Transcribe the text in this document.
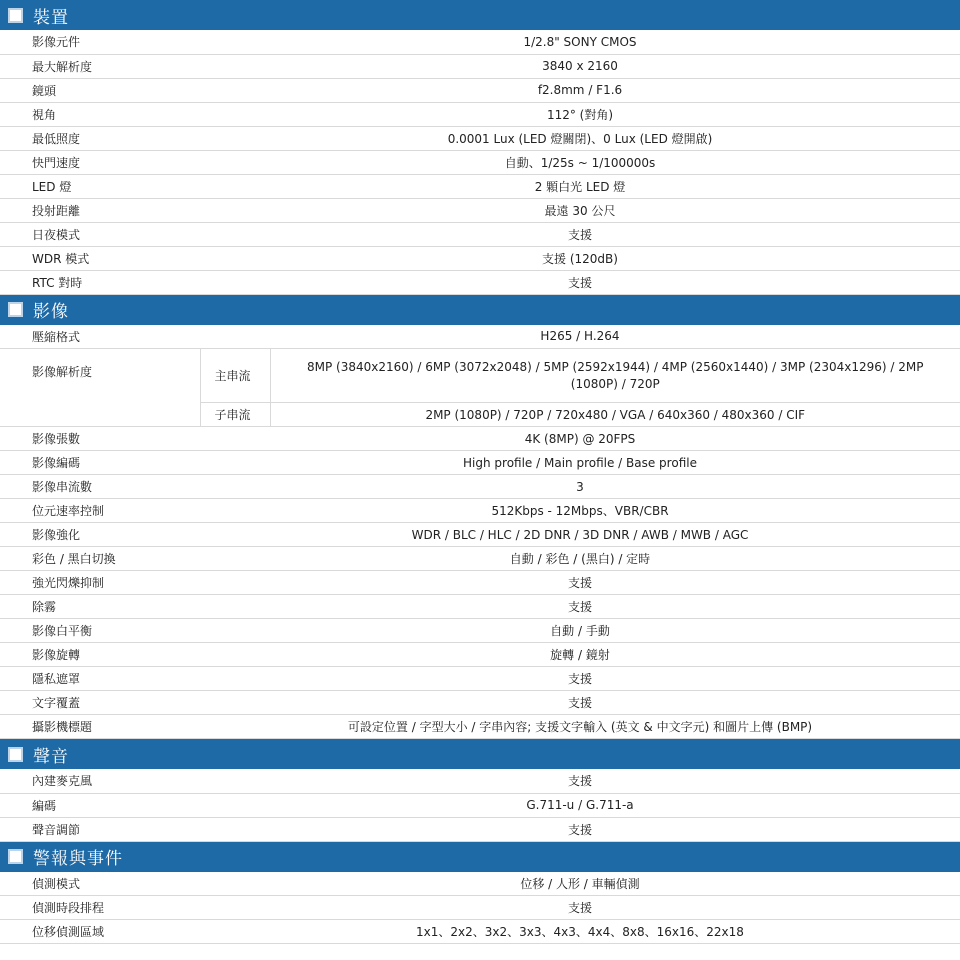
裝置
影像元件	1/2.8" SONY CMOS
最大解析度	3840 x 2160
鏡頭	f2.8mm / F1.6
視角	112° (對角)
最低照度	0.0001 Lux (LED 燈關閉)、0 Lux (LED 燈開啟)
快門速度	自動、1/25s ~ 1/100000s
LED 燈	2 顆白光 LED 燈
投射距離	最遠 30 公尺
日夜模式	支援
WDR 模式	支援 (120dB)
RTC 對時	支援
影像
壓縮格式	H265 / H.264	
影像解析度	主串流	8MP (3840x2160) / 6MP (3072x2048) / 5MP (2592x1944) / 4MP (2560x1440) / 3MP (2304x1296) / 2MP (1080P) / 720P
	子串流	2MP (1080P) / 720P / 720x480 / VGA / 640x360 / 480x360 / CIF
影像張數	4K (8MP) @ 20FPS	
影像編碼	High profile / Main profile / Base profile	
影像串流數	3	
位元速率控制	512Kbps - 12Mbps、VBR/CBR	
影像強化	WDR / BLC / HLC / 2D DNR / 3D DNR / AWB / MWB / AGC	
彩色 / 黑白切換	自動 / 彩色 / (黑白) / 定時	
強光閃爍抑制	支援	
除霧	支援	
影像白平衡	自動 / 手動	
影像旋轉	旋轉 / 鏡射	
隱私遮罩	支援	
文字覆蓋	支援	
攝影機標題	可設定位置 / 字型大小 / 字串內容; 支援文字輸入 (英文 & 中文字元) 和圖片上傳 (BMP)	
聲音
內建麥克風	支援
編碼	G.711-u / G.711-a
聲音調節	支援
警報與事件
偵測模式	位移 / 人形 / 車輛偵測
偵測時段排程	支援
位移偵測區域	1x1、2x2、3x2、3x3、4x3、4x4、8x8、16x16、22x18
